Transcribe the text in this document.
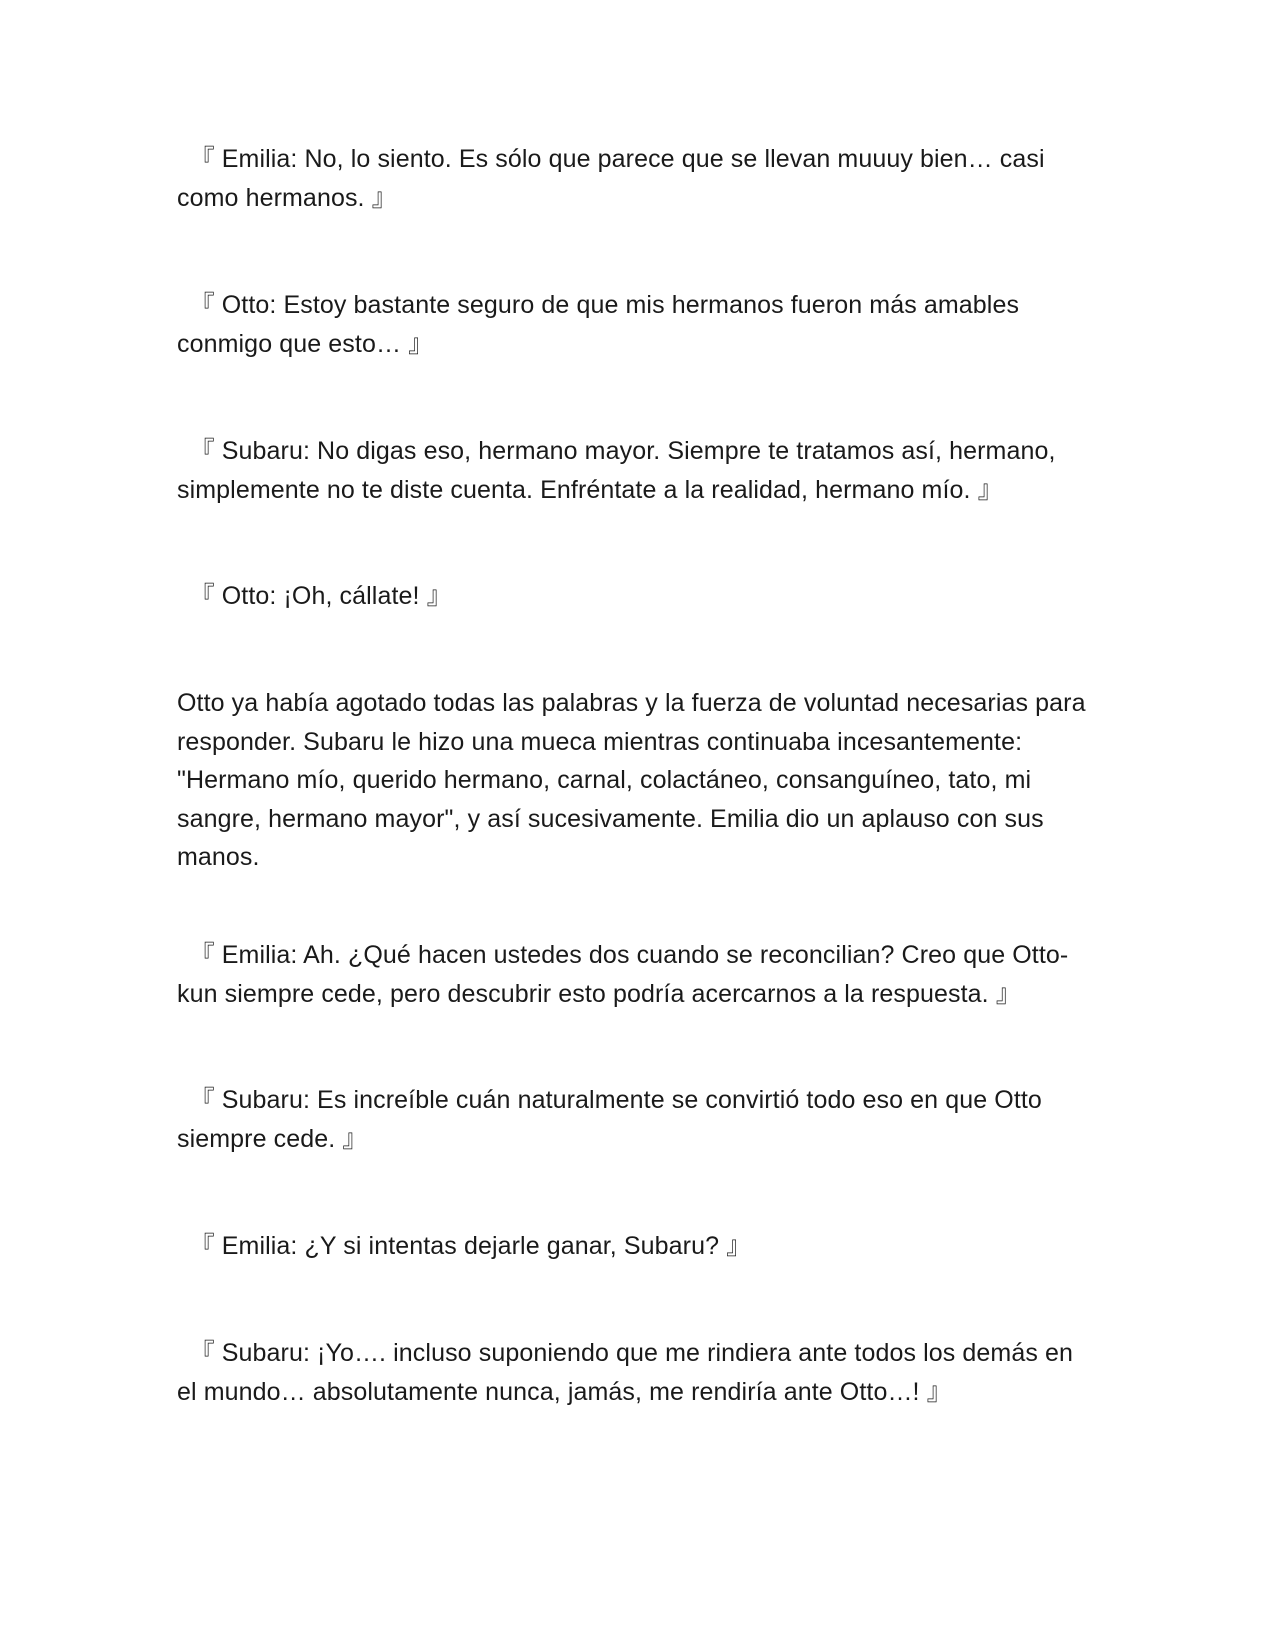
　『 Emilia: No, lo siento. Es sólo que parece que se llevan muuuy bien… casi como hermanos. 』

　『 Otto: Estoy bastante seguro de que mis hermanos fueron más amables conmigo que esto… 』

　『 Subaru: No digas eso, hermano mayor. Siempre te tratamos así, hermano, simplemente no te diste cuenta. Enfréntate a la realidad, hermano mío. 』

　『 Otto: ¡Oh, cállate! 』

Otto ya había agotado todas las palabras y la fuerza de voluntad necesarias para responder. Subaru le hizo una mueca mientras continuaba incesantemente: "Hermano mío, querido hermano, carnal, colactáneo, consanguíneo, tato, mi sangre, hermano mayor", y así sucesivamente. Emilia dio un aplauso con sus manos.

　『 Emilia: Ah. ¿Qué hacen ustedes dos cuando se reconcilian? Creo que Otto-kun siempre cede, pero descubrir esto podría acercarnos a la respuesta. 』

　『 Subaru: Es increíble cuán naturalmente se convirtió todo eso en que Otto siempre cede. 』

　『 Emilia: ¿Y si intentas dejarle ganar, Subaru? 』

　『 Subaru: ¡Yo…. incluso suponiendo que me rindiera ante todos los demás en el mundo… absolutamente nunca, jamás, me rendiría ante Otto…! 』
